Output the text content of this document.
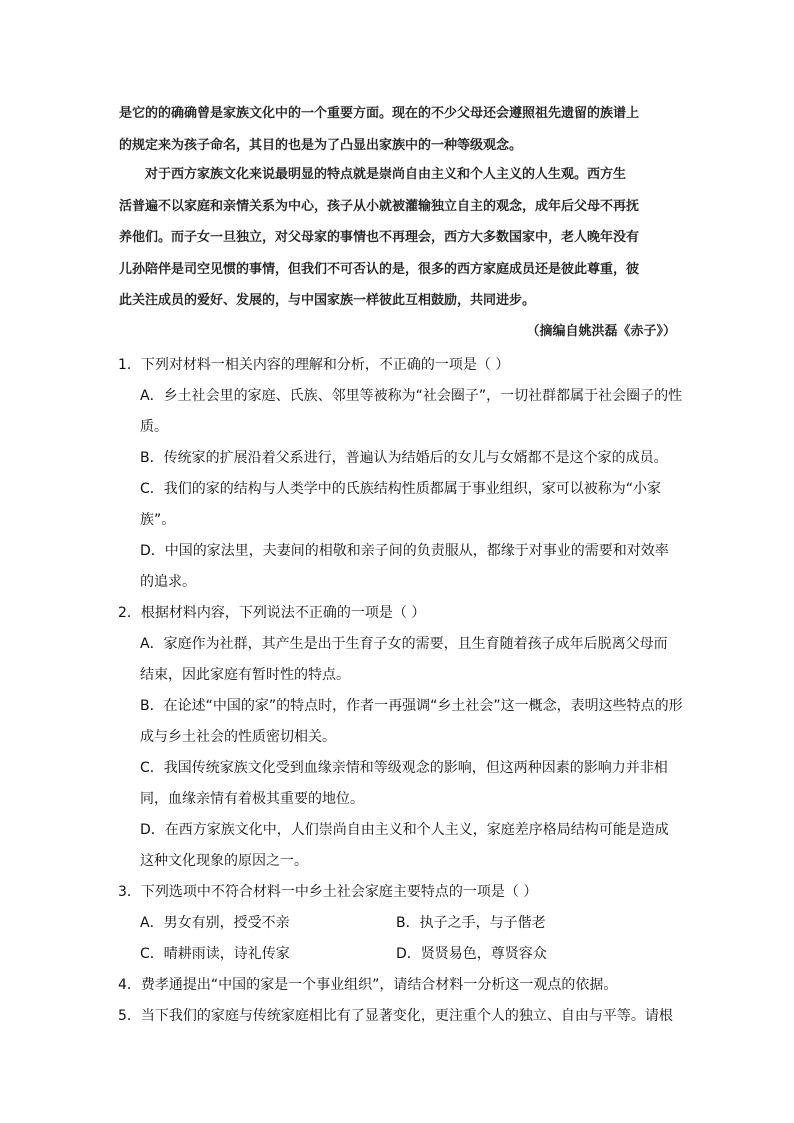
是它的的确确曾是家族文化中的一个重要方面。现在的不少父母还会遵照祖先遗留的族谱上

的规定来为孩子命名，其目的也是为了凸显出家族中的一种等级观念。

对于西方家族文化来说最明显的特点就是崇尚自由主义和个人主义的人生观。西方生

活普遍不以家庭和亲情关系为中心，孩子从小就被灌输独立自主的观念，成年后父母不再抚

养他们。而子女一旦独立，对父母家的事情也不再理会，西方大多数国家中，老人晚年没有

儿孙陪伴是司空见惯的事情，但我们不可否认的是，很多的西方家庭成员还是彼此尊重，彼

此关注成员的爱好、发展的，与中国家族一样彼此互相鼓励，共同进步。

（摘编自姚洪磊《赤子》）
1．下列对材料一相关内容的理解和分析，不正确的一项是（ ）
A．乡土社会里的家庭、氏族、邻里等被称为“社会圈子”，一切社群都属于社会圈子的性
质。
B．传统家的扩展沿着父系进行，普遍认为结婚后的女儿与女婿都不是这个家的成员。
C．我们的家的结构与人类学中的氏族结构性质都属于事业组织，家可以被称为“小家
族”。
D．中国的家法里，夫妻间的相敬和亲子间的负责服从，都缘于对事业的需要和对效率
的追求。
2．根据材料内容，下列说法不正确的一项是（ ）
A．家庭作为社群，其产生是出于生育子女的需要，且生育随着孩子成年后脱离父母而
结束，因此家庭有暂时性的特点。
B．在论述“中国的家”的特点时，作者一再强调“乡土社会”这一概念，表明这些特点的形
成与乡土社会的性质密切相关。
C．我国传统家族文化受到血缘亲情和等级观念的影响，但这两种因素的影响力并非相
同，血缘亲情有着极其重要的地位。
D．在西方家族文化中，人们崇尚自由主义和个人主义，家庭差序格局结构可能是造成
这种文化现象的原因之一。
3．下列选项中不符合材料一中乡土社会家庭主要特点的一项是（ ）
A．男女有别，授受不亲	B．执子之手，与子偕老
C．晴耕雨读，诗礼传家	D．贤贤易色，尊贤容众
4．费孝通提出“中国的家是一个事业组织”，请结合材料一分析这一观点的依据。
5．当下我们的家庭与传统家庭相比有了显著变化，更注重个人的独立、自由与平等。请根
